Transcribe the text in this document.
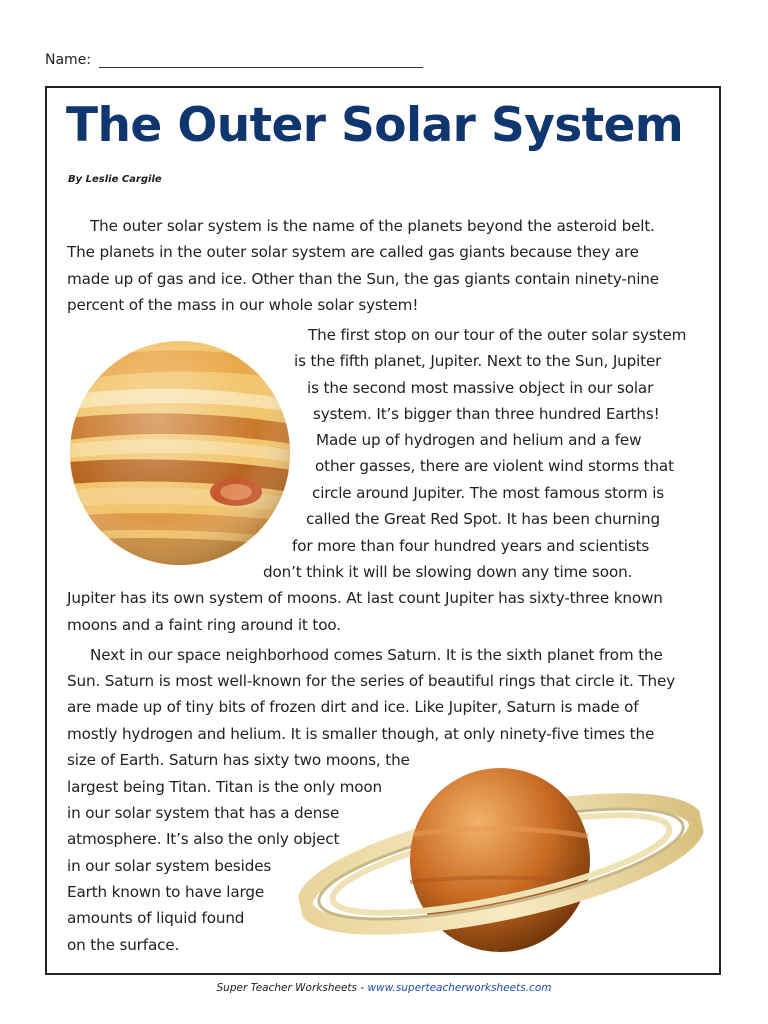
Name:
The Outer Solar System
By Leslie Cargile
The outer solar system is the name of the planets beyond the asteroid belt.
The planets in the outer solar system are called gas giants because they are
made up of gas and ice. Other than the Sun, the gas giants contain ninety-nine
percent of the mass in our whole solar system!
The first stop on our tour of the outer solar system
is the fifth planet, Jupiter. Next to the Sun, Jupiter
is the second most massive object in our solar
system. It’s bigger than three hundred Earths!
Made up of hydrogen and helium and a few
other gasses, there are violent wind storms that
circle around Jupiter. The most famous storm is
called the Great Red Spot. It has been churning
for more than four hundred years and scientists
don’t think it will be slowing down any time soon.
Jupiter has its own system of moons. At last count Jupiter has sixty-three known
moons and a faint ring around it too.
Next in our space neighborhood comes Saturn. It is the sixth planet from the
Sun. Saturn is most well-known for the series of beautiful rings that circle it. They
are made up of tiny bits of frozen dirt and ice. Like Jupiter, Saturn is made of
mostly hydrogen and helium. It is smaller though, at only ninety-five times the
size of Earth. Saturn has sixty two moons, the
largest being Titan. Titan is the only moon
in our solar system that has a dense
atmosphere. It’s also the only object
in our solar system besides
Earth known to have large
amounts of liquid found
on the surface.
Super Teacher Worksheets - www.superteacherworksheets.com
